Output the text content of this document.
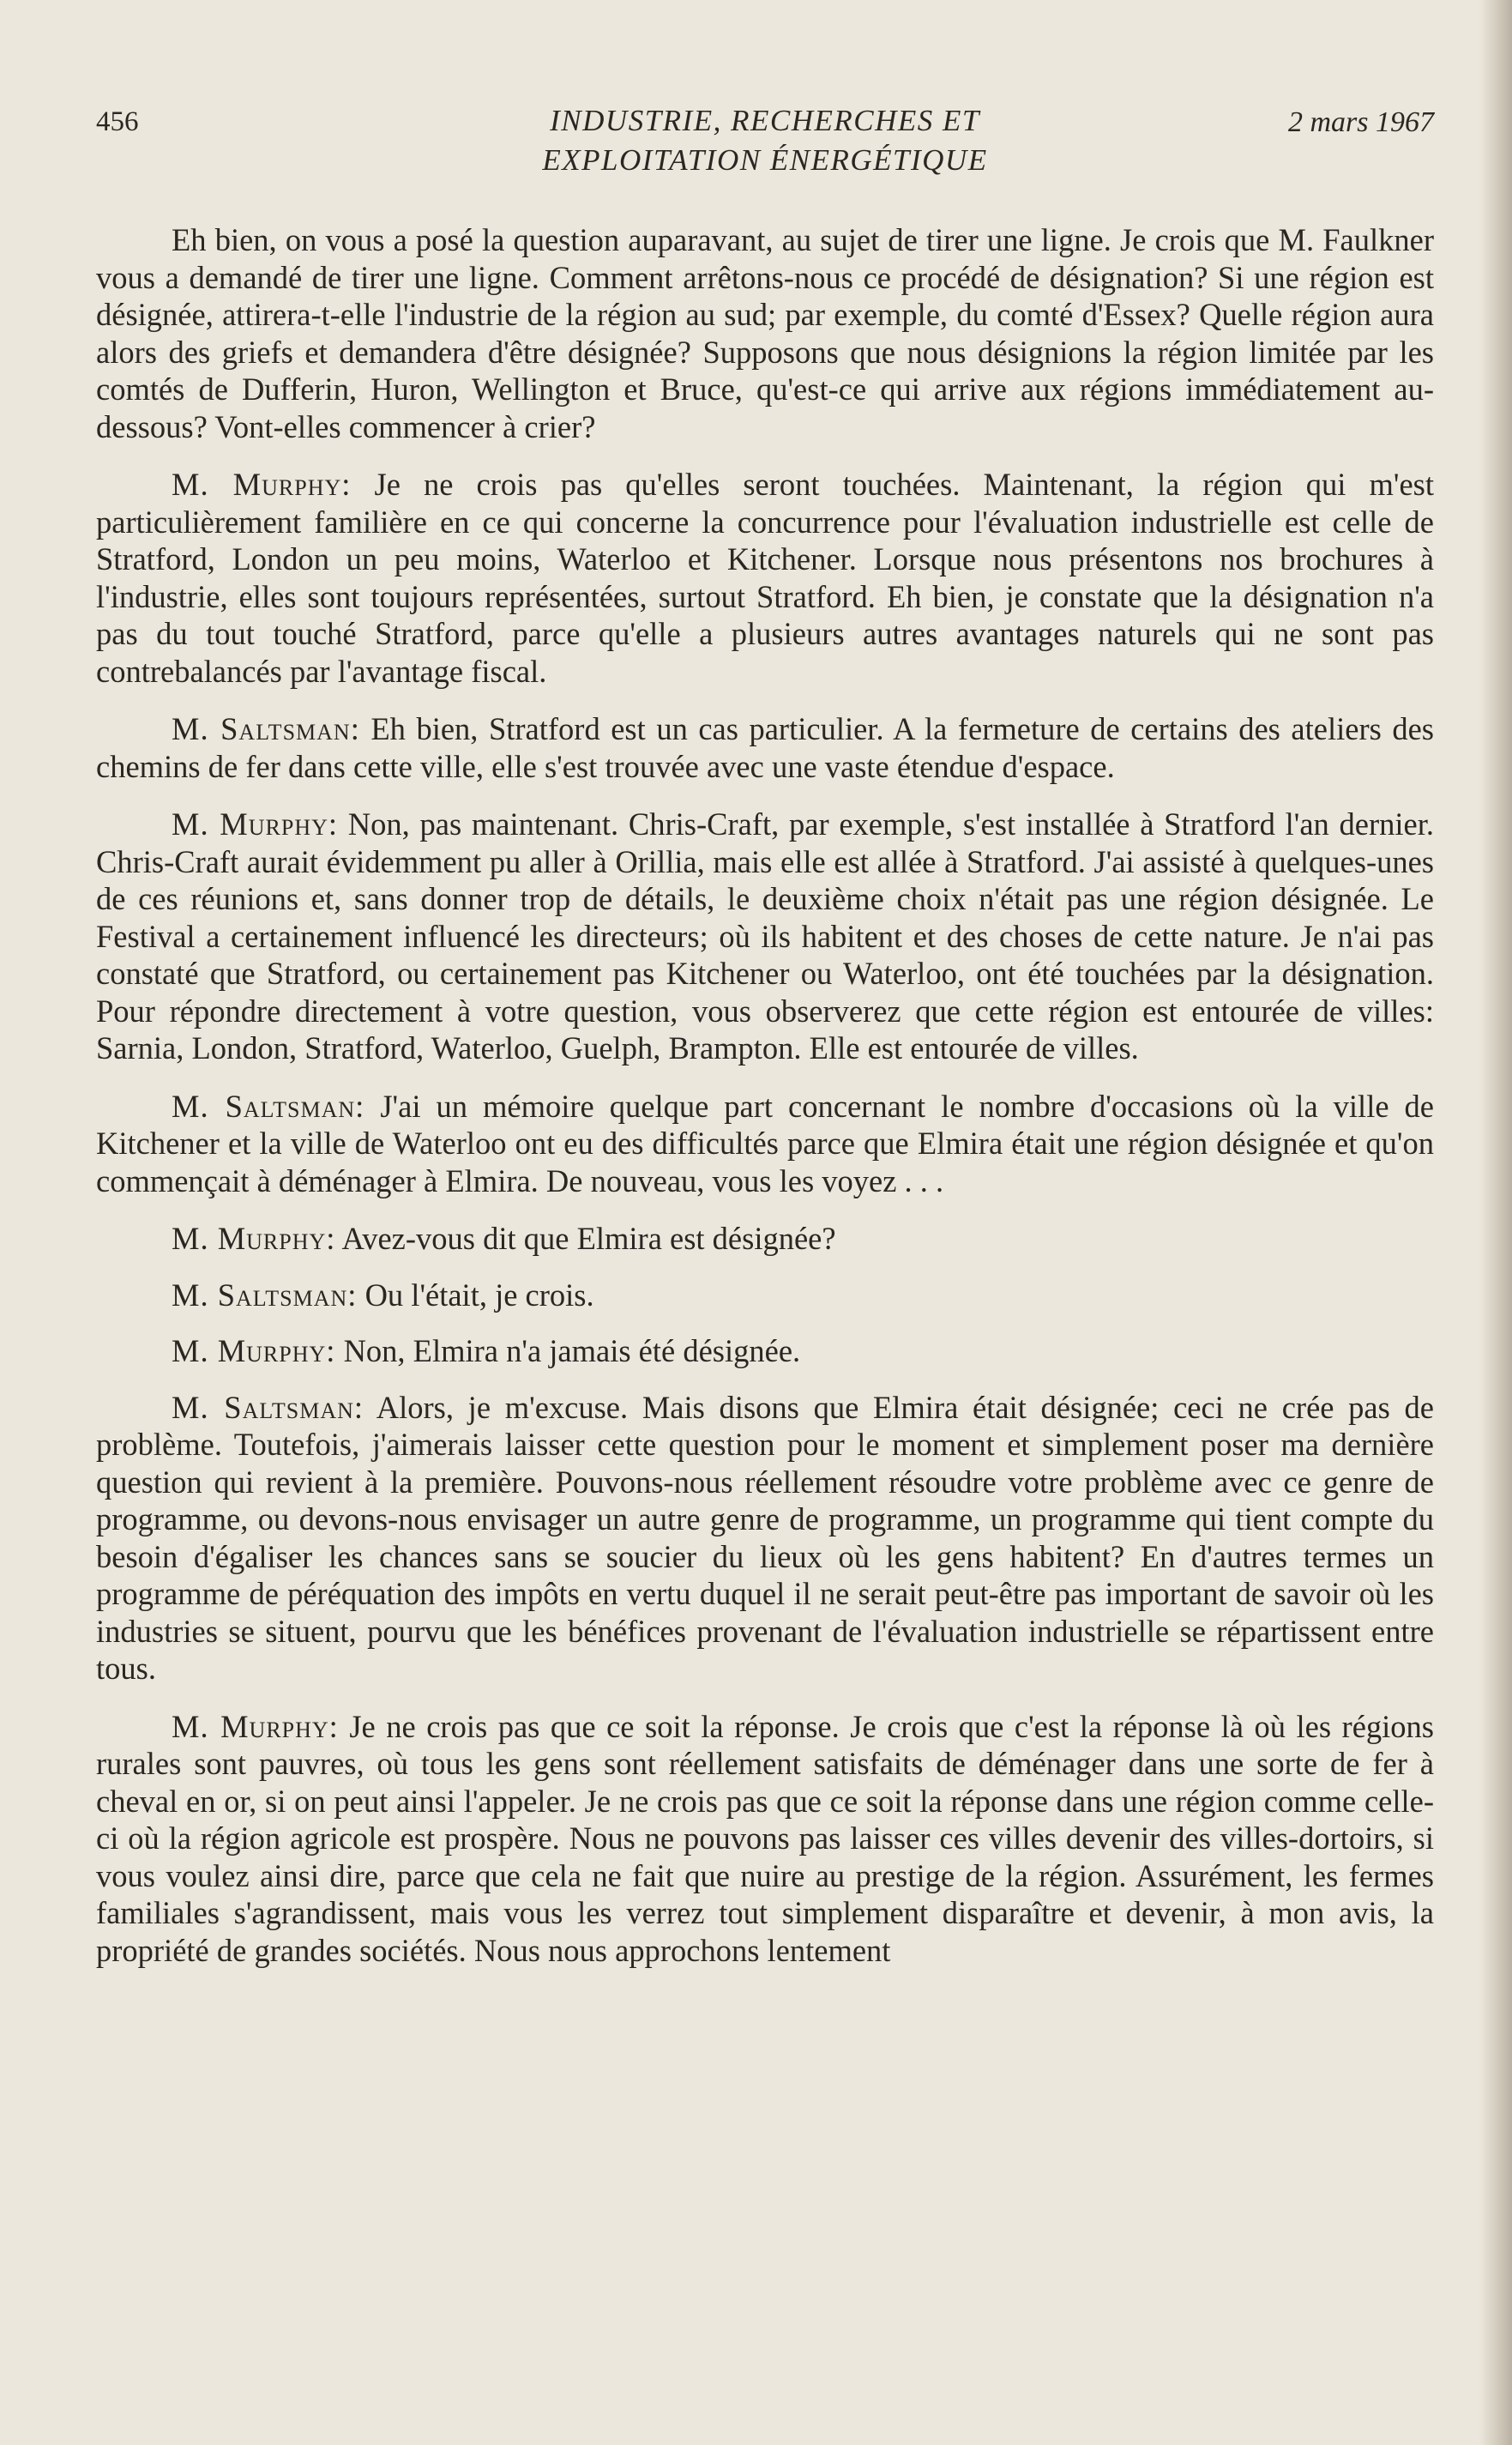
456	INDUSTRIE, RECHERCHES ET
EXPLOITATION ÉNERGÉTIQUE
2 mars 1967

Eh bien, on vous a posé la question auparavant, au sujet de tirer une ligne. Je crois que M. Faulkner vous a demandé de tirer une ligne. Comment arrêtons-nous ce procédé de désignation? Si une région est désignée, attirera-t-elle l'industrie de la région au sud; par exemple, du comté d'Essex? Quelle région aura alors des griefs et demandera d'être désignée? Supposons que nous désignions la région limitée par les comtés de Dufferin, Huron, Wellington et Bruce, qu'est-ce qui arrive aux régions immédiatement au-dessous? Vont-elles commencer à crier?

M. Murphy: Je ne crois pas qu'elles seront touchées. Maintenant, la région qui m'est particulièrement familière en ce qui concerne la concurrence pour l'évaluation industrielle est celle de Stratford, London un peu moins, Waterloo et Kitchener. Lorsque nous présentons nos brochures à l'industrie, elles sont toujours représentées, surtout Stratford. Eh bien, je constate que la désignation n'a pas du tout touché Stratford, parce qu'elle a plusieurs autres avantages naturels qui ne sont pas contrebalancés par l'avantage fiscal.

M. Saltsman: Eh bien, Stratford est un cas particulier. A la fermeture de certains des ateliers des chemins de fer dans cette ville, elle s'est trouvée avec une vaste étendue d'espace.

M. Murphy: Non, pas maintenant. Chris-Craft, par exemple, s'est installée à Stratford l'an dernier. Chris-Craft aurait évidemment pu aller à Orillia, mais elle est allée à Stratford. J'ai assisté à quelques-unes de ces réunions et, sans donner trop de détails, le deuxième choix n'était pas une région désignée. Le Festival a certainement influencé les directeurs; où ils habitent et des choses de cette nature. Je n'ai pas constaté que Stratford, ou certainement pas Kitchener ou Waterloo, ont été touchées par la désignation. Pour répondre directement à votre question, vous observerez que cette région est entourée de villes: Sarnia, London, Stratford, Waterloo, Guelph, Brampton. Elle est entourée de villes.

M. Saltsman: J'ai un mémoire quelque part concernant le nombre d'occasions où la ville de Kitchener et la ville de Waterloo ont eu des difficultés parce que Elmira était une région désignée et qu'on commençait à déménager à Elmira. De nouveau, vous les voyez . . .

M. Murphy: Avez-vous dit que Elmira est désignée?

M. Saltsman: Ou l'était, je crois.

M. Murphy: Non, Elmira n'a jamais été désignée.

M. Saltsman: Alors, je m'excuse. Mais disons que Elmira était désignée; ceci ne crée pas de problème. Toutefois, j'aimerais laisser cette question pour le moment et simplement poser ma dernière question qui revient à la première. Pouvons-nous réellement résoudre votre problème avec ce genre de programme, ou devons-nous envisager un autre genre de programme, un programme qui tient compte du besoin d'égaliser les chances sans se soucier du lieux où les gens habitent? En d'autres termes un programme de péréquation des impôts en vertu duquel il ne serait peut-être pas important de savoir où les industries se situent, pourvu que les bénéfices provenant de l'évaluation industrielle se répartissent entre tous.

M. Murphy: Je ne crois pas que ce soit la réponse. Je crois que c'est la réponse là où les régions rurales sont pauvres, où tous les gens sont réellement satisfaits de déménager dans une sorte de fer à cheval en or, si on peut ainsi l'appeler. Je ne crois pas que ce soit la réponse dans une région comme celle-ci où la région agricole est prospère. Nous ne pouvons pas laisser ces villes devenir des villes-dortoirs, si vous voulez ainsi dire, parce que cela ne fait que nuire au prestige de la région. Assurément, les fermes familiales s'agrandissent, mais vous les verrez tout simplement disparaître et devenir, à mon avis, la propriété de grandes sociétés. Nous nous approchons lentement
